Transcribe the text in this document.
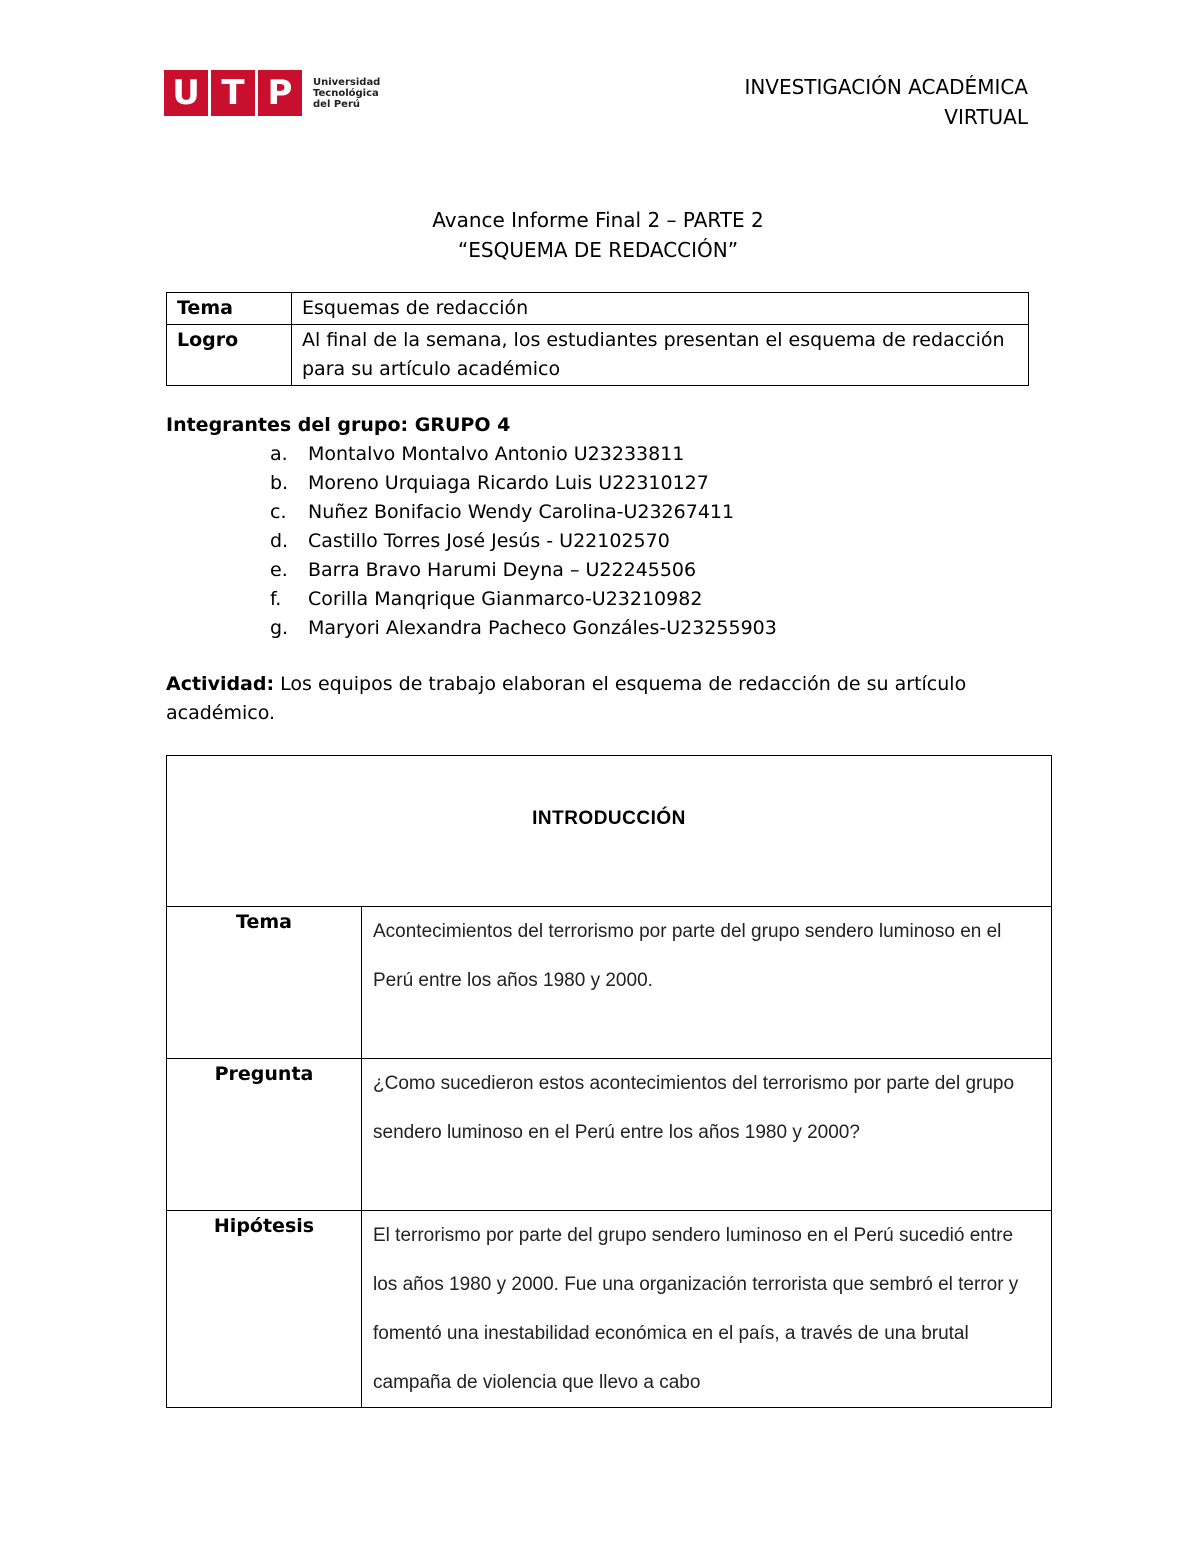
U T P	Universidad
Tecnológica
del Perú
INVESTIGACIÓN ACADÉMICA
VIRTUAL
Avance Informe Final 2 – PARTE 2
“ESQUEMA DE REDACCIÓN”
Tema	Esquemas de redacción
Logro	Al final de la semana, los estudiantes presentan el esquema de redacción para su artículo académico
Integrantes del grupo: GRUPO 4
a.	Montalvo Montalvo Antonio U23233811
b.	Moreno Urquiaga Ricardo Luis U22310127
c.	Nuñez Bonifacio Wendy Carolina-U23267411
d.	Castillo Torres José Jesús - U22102570
e.	Barra Bravo Harumi Deyna – U22245506
f.	Corilla Manqrique Gianmarco-U23210982
g.	Maryori Alexandra Pacheco Gonzáles-U23255903
Actividad: Los equipos de trabajo elaboran el esquema de redacción de su artículo académico.
INTRODUCCIÓN	
Tema	Acontecimientos del terrorismo por parte del grupo sendero luminoso en el Perú entre los años 1980 y 2000.
Pregunta	¿Como sucedieron estos acontecimientos del terrorismo por parte del grupo sendero luminoso en el Perú entre los años 1980 y 2000?
Hipótesis	El terrorismo por parte del grupo sendero luminoso en el Perú sucedió entre los años 1980 y 2000. Fue una organización terrorista que sembró el terror y fomentó una inestabilidad económica en el país, a través de una brutal campaña de violencia que llevo a cabo
